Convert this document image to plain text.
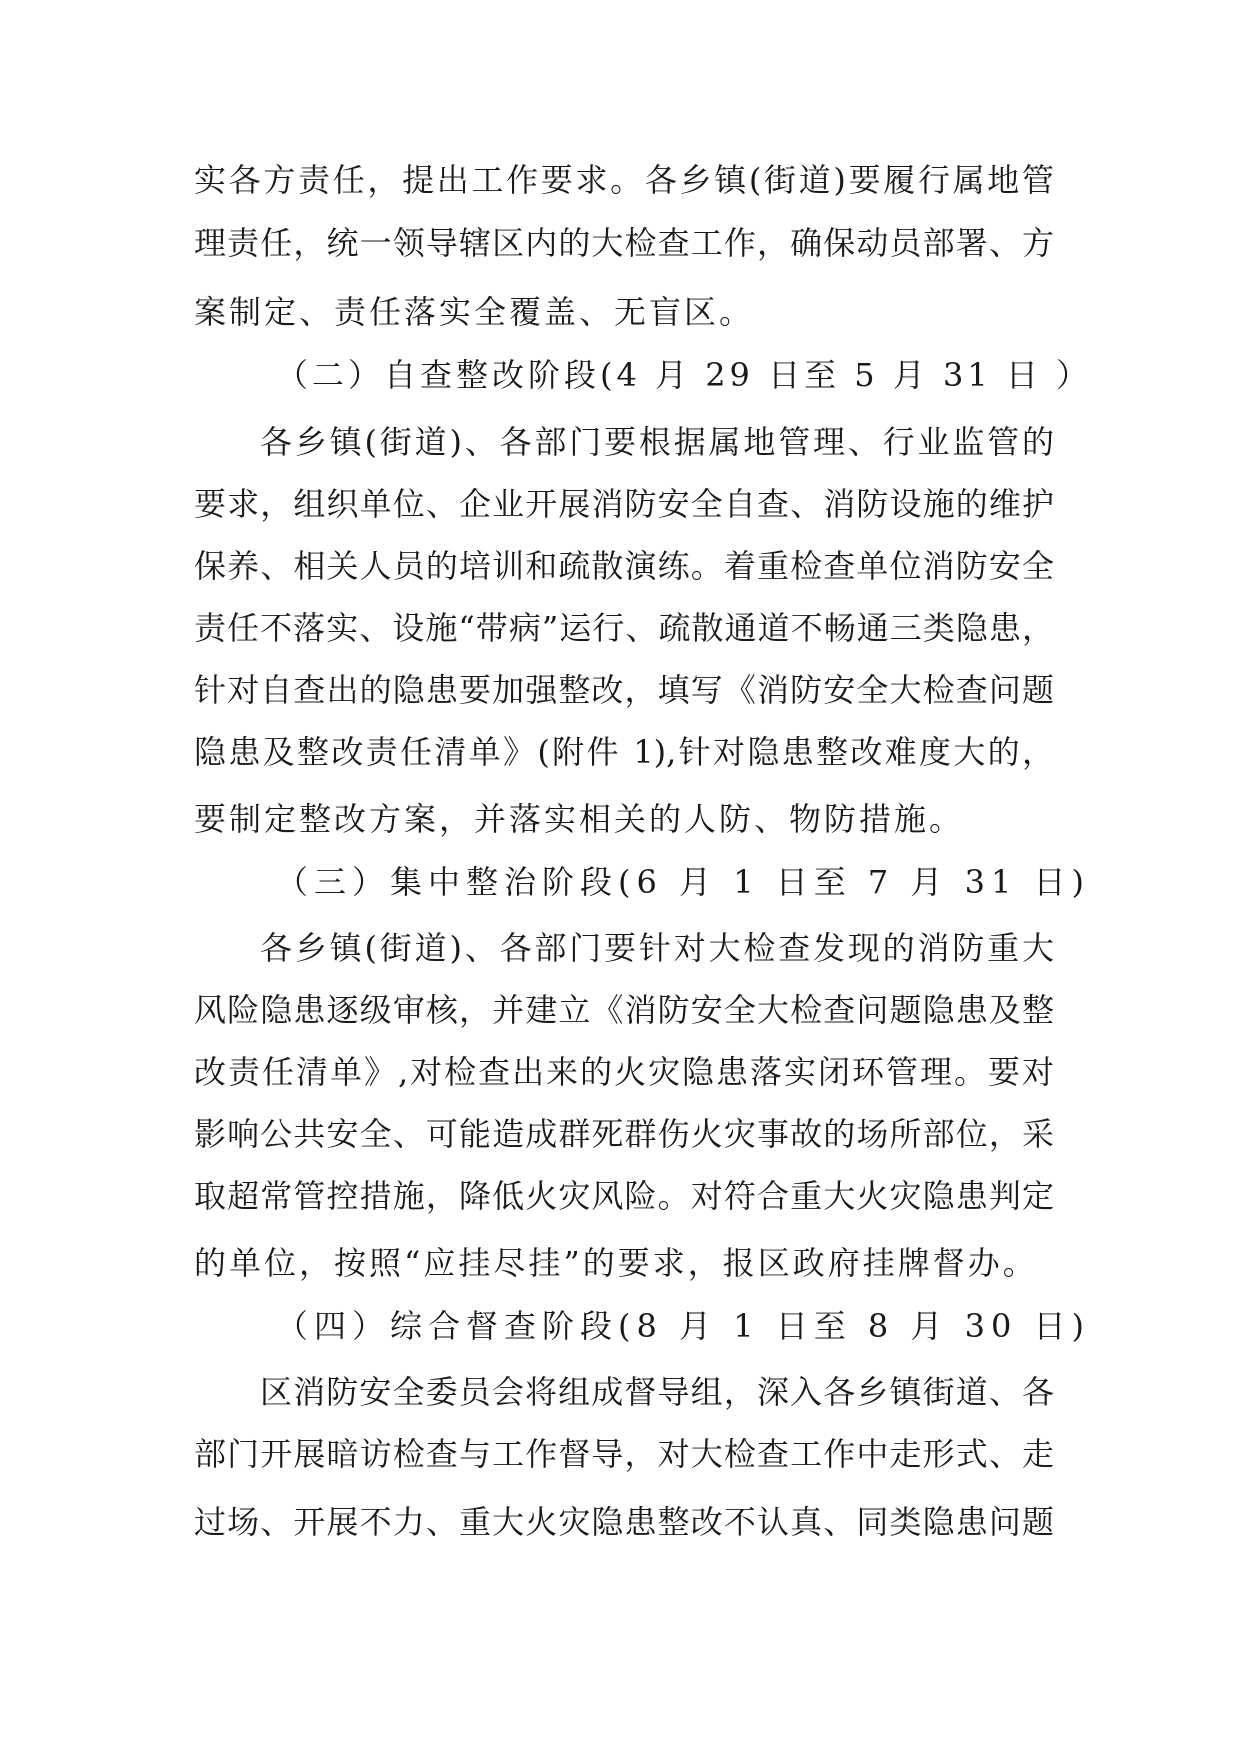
实各方责任，提出工作要求。各乡镇(街道)要履行属地管
理责任，统一领导辖区内的大检查工作，确保动员部署、方
案制定、责任落实全覆盖、无盲区。
（二）自查整改阶段(4 月 29 日至 5 月 31 日 ）
各乡镇(街道)、各部门要根据属地管理、行业监管的
要求，组织单位、企业开展消防安全自查、消防设施的维护
保养、相关人员的培训和疏散演练。着重检查单位消防安全
责任不落实、设施“带病”运行、疏散通道不畅通三类隐患，
针对自查出的隐患要加强整改，填写《消防安全大检查问题
隐患及整改责任清单》(附件 1),针对隐患整改难度大的，
要制定整改方案，并落实相关的人防、物防措施。
（三）集中整治阶段(6 月 1 日至 7 月 31 日)
各乡镇(街道)、各部门要针对大检查发现的消防重大
风险隐患逐级审核，并建立《消防安全大检查问题隐患及整
改责任清单》,对检查出来的火灾隐患落实闭环管理。要对
影响公共安全、可能造成群死群伤火灾事故的场所部位，采
取超常管控措施，降低火灾风险。对符合重大火灾隐患判定
的单位，按照“应挂尽挂”的要求，报区政府挂牌督办。
（四）综合督查阶段(8 月 1 日至 8 月 30 日)
区消防安全委员会将组成督导组，深入各乡镇街道、各
部门开展暗访检查与工作督导，对大检查工作中走形式、走
过场、开展不力、重大火灾隐患整改不认真、同类隐患问题
